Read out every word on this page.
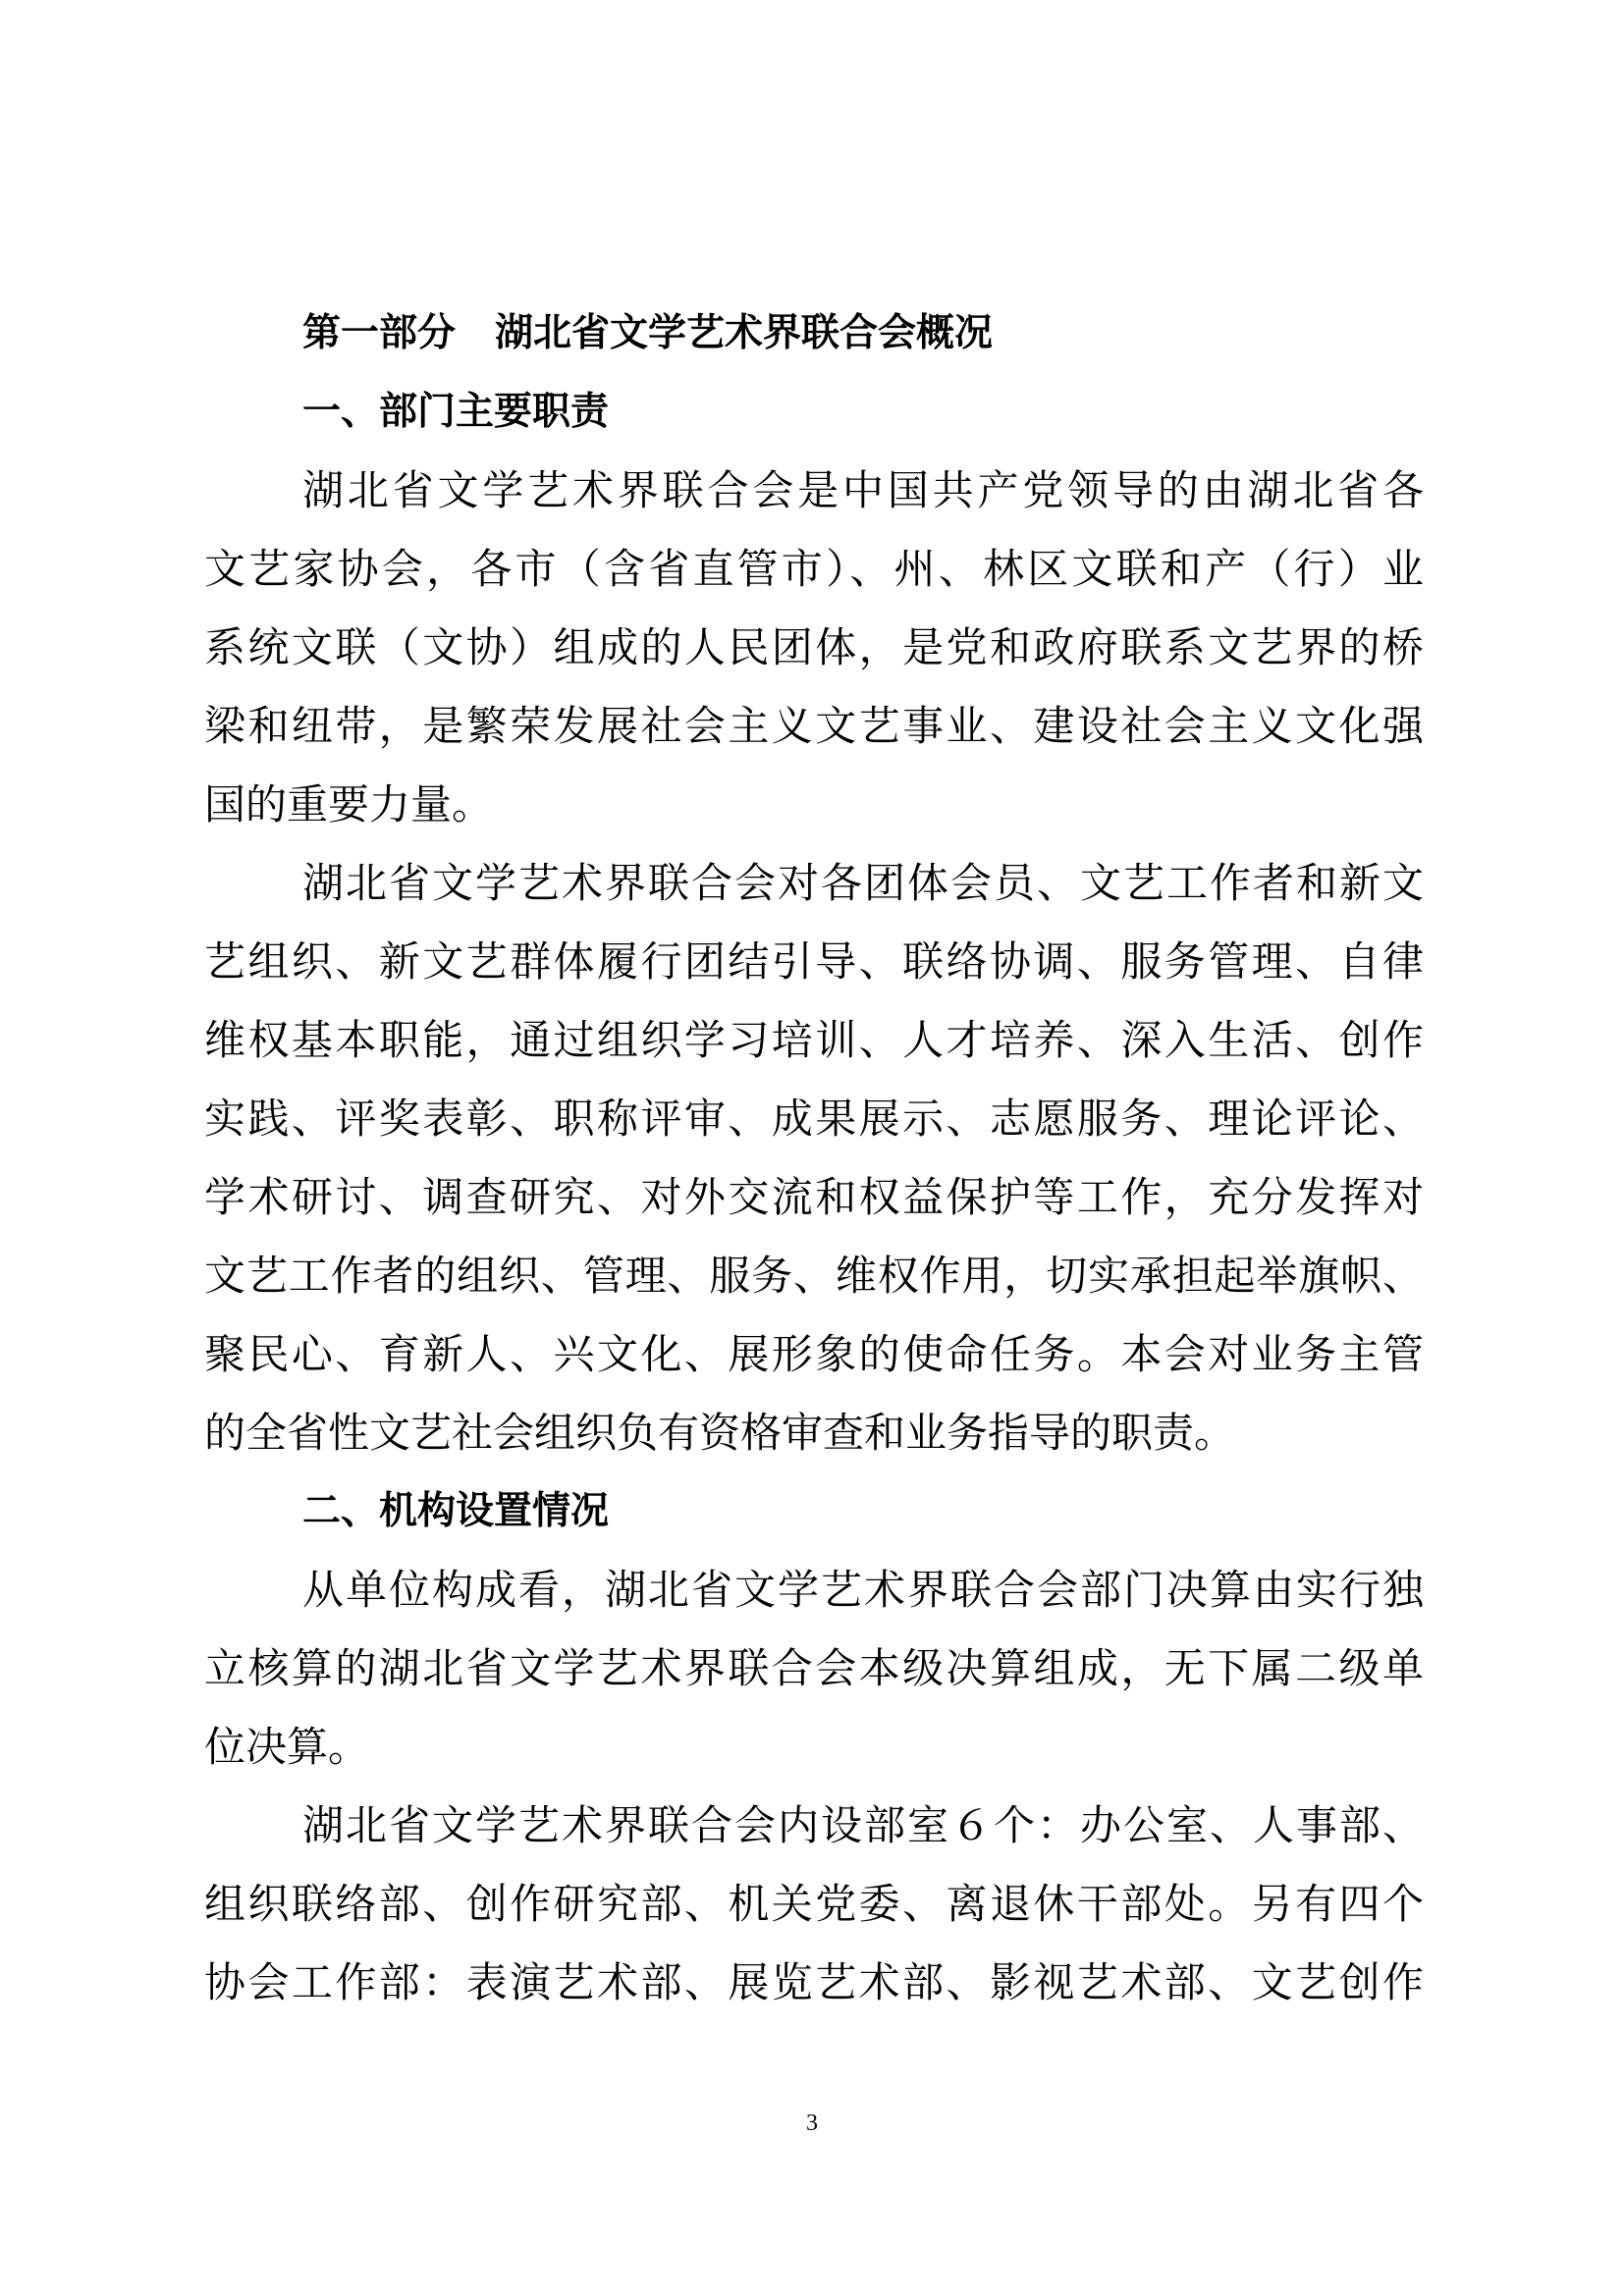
第一部分 湖北省文学艺术界联合会概况

一、部门主要职责

湖北省文学艺术界联合会是中国共产党领导的由湖北省各

文艺家协会，各市（含省直管市）、州、林区文联和产（行）业

系统文联（文协）组成的人民团体，是党和政府联系文艺界的桥

梁和纽带，是繁荣发展社会主义文艺事业、建设社会主义文化强

国的重要力量。

湖北省文学艺术界联合会对各团体会员、文艺工作者和新文

艺组织、新文艺群体履行团结引导、联络协调、服务管理、自律

维权基本职能，通过组织学习培训、人才培养、深入生活、创作

实践、评奖表彰、职称评审、成果展示、志愿服务、理论评论、

学术研讨、调查研究、对外交流和权益保护等工作，充分发挥对

文艺工作者的组织、管理、服务、维权作用，切实承担起举旗帜、

聚民心、育新人、兴文化、展形象的使命任务。本会对业务主管

的全省性文艺社会组织负有资格审查和业务指导的职责。

二、机构设置情况

从单位构成看，湖北省文学艺术界联合会部门决算由实行独

立核算的湖北省文学艺术界联合会本级决算组成，无下属二级单

位决算。

湖北省文学艺术界联合会内设部室６个：办公室、人事部、

组织联络部、创作研究部、机关党委、离退休干部处。另有四个

协会工作部：表演艺术部、展览艺术部、影视艺术部、文艺创作

3
